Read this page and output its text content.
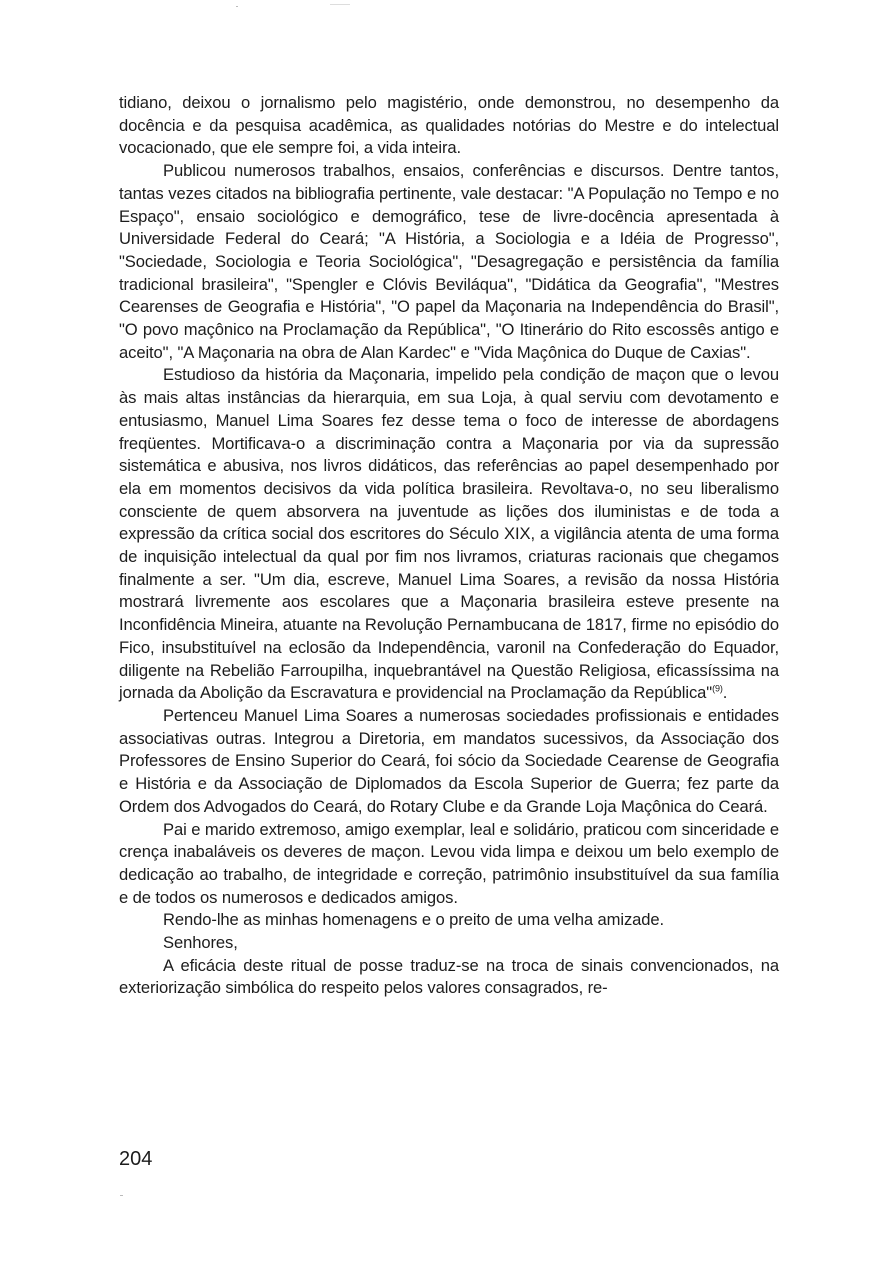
tidiano, deixou o jornalismo pelo magistério, onde demonstrou, no desempenho da docência e da pesquisa acadêmica, as qualidades notórias do Mestre e do intelectual vocacionado, que ele sempre foi, a vida inteira.

Publicou numerosos trabalhos, ensaios, conferências e discursos. Dentre tantos, tantas vezes citados na bibliografia pertinente, vale destacar: "A População no Tempo e no Espaço", ensaio sociológico e demográfico, tese de livre-docência apresentada à Universidade Federal do Ceará; "A História, a Sociologia e a Idéia de Progresso", "Sociedade, Sociologia e Teoria Sociológica", "Desagregação e persistência da família tradicional brasileira", "Spengler e Clóvis Beviláqua", "Didática da Geografia", "Mestres Cearenses de Geografia e História", "O papel da Maçonaria na Independência do Brasil", "O povo maçônico na Proclamação da República", "O Itinerário do Rito escossês antigo e aceito", "A Maçonaria na obra de Alan Kardec" e "Vida Maçônica do Duque de Caxias".

Estudioso da história da Maçonaria, impelido pela condição de maçon que o levou às mais altas instâncias da hierarquia, em sua Loja, à qual serviu com devotamento e entusiasmo, Manuel Lima Soares fez desse tema o foco de interesse de abordagens freqüentes. Mortificava-o a discriminação contra a Maçonaria por via da supressão sistemática e abusiva, nos livros didáticos, das referências ao papel desempenhado por ela em momentos decisivos da vida política brasileira. Revoltava-o, no seu liberalismo consciente de quem absorvera na juventude as lições dos iluministas e de toda a expressão da crítica social dos escritores do Século XIX, a vigilância atenta de uma forma de inquisição intelectual da qual por fim nos livramos, criaturas racionais que chegamos finalmente a ser. "Um dia, escreve, Manuel Lima Soares, a revisão da nossa História mostrará livremente aos escolares que a Maçonaria brasileira esteve presente na Inconfidência Mineira, atuante na Revolução Pernambucana de 1817, firme no episódio do Fico, insubstituível na eclosão da Independência, varonil na Confederação do Equador, diligente na Rebelião Farroupilha, inquebrantável na Questão Religiosa, eficassíssima na jornada da Abolição da Escravatura e providencial na Proclamação da República"$^{(9)}$.

Pertenceu Manuel Lima Soares a numerosas sociedades profissionais e entidades associativas outras. Integrou a Diretoria, em mandatos sucessivos, da Associação dos Professores de Ensino Superior do Ceará, foi sócio da Sociedade Cearense de Geografia e História e da Associação de Diplomados da Escola Superior de Guerra; fez parte da Ordem dos Advogados do Ceará, do Rotary Clube e da Grande Loja Maçônica do Ceará.

Pai e marido extremoso, amigo exemplar, leal e solidário, praticou com sinceridade e crença inabaláveis os deveres de maçon. Levou vida limpa e deixou um belo exemplo de dedicação ao trabalho, de integridade e correção, patrimônio insubstituível da sua família e de todos os numerosos e dedicados amigos.

Rendo-lhe as minhas homenagens e o preito de uma velha amizade.

Senhores,

A eficácia deste ritual de posse traduz-se na troca de sinais convencionados, na exteriorização simbólica do respeito pelos valores consagrados, re-

204
